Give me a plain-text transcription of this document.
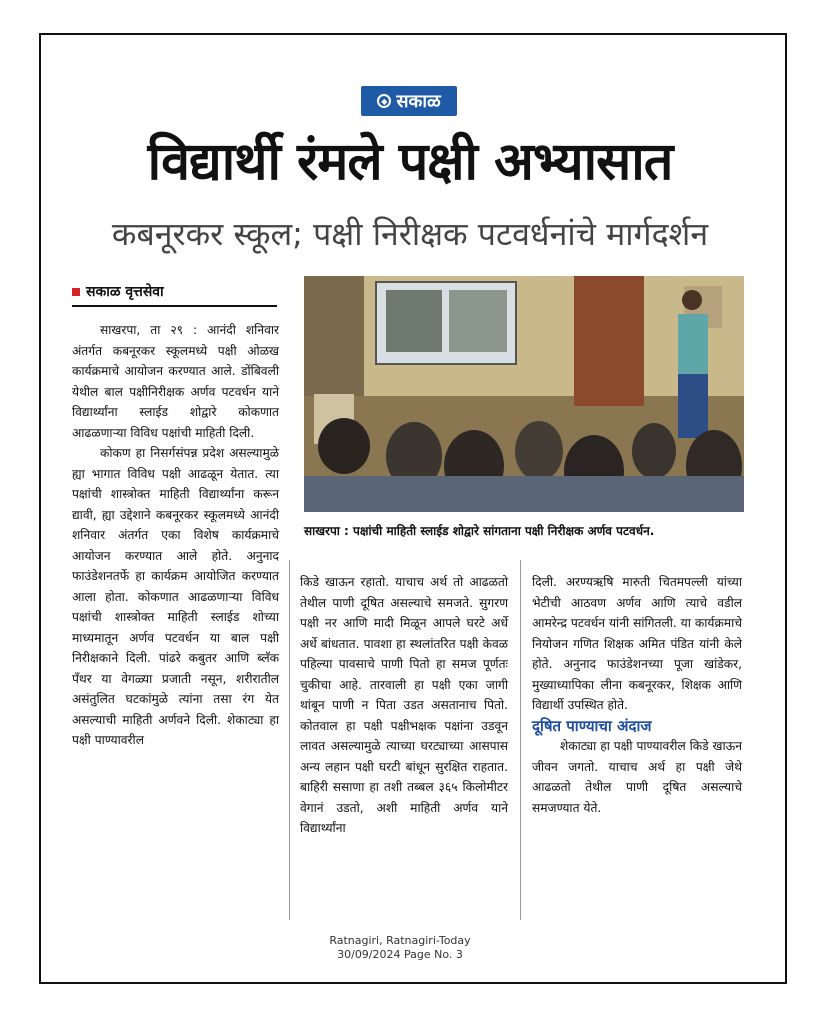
◆ सकाळ
विद्यार्थी रंमले पक्षी अभ्यासात
कबनूरकर स्कूल; पक्षी निरीक्षक पटवर्धनांचे मार्गदर्शन
सकाळ वृत्तसेवा
साखरपा : पक्षांची माहिती स्लाईड शोद्वारे सांगताना पक्षी निरीक्षक अर्णव पटवर्धन.

साखरपा, ता २९ : आनंदी शनिवार अंतर्गत कबनूरकर स्कूलमध्ये पक्षी ओळख कार्यक्रमाचे आयोजन करण्यात आले. डोंबिवली येथील बाल पक्षीनिरीक्षक अर्णव पटवर्धन याने विद्यार्थ्यांना स्लाईड शोद्वारे कोकणात आढळणाऱ्या विविध पक्षांची माहिती दिली.

कोकण हा निसर्गसंपन्न प्रदेश असल्यामुळे ह्या भागात विविध पक्षी आढळून येतात. त्या पक्षांची शास्त्रोक्त माहिती विद्यार्थ्यांना करून द्यावी, ह्या उद्देशाने कबनूरकर स्कूलमध्ये आनंदी शनिवार अंतर्गत एका विशेष कार्यक्रमाचे आयोजन करण्यात आले होते. अनुनाद फाउंडेशनतर्फे हा कार्यक्रम आयोजित करण्यात आला होता. कोकणात आढळणाऱ्या विविध पक्षांची शास्त्रोक्त माहिती स्लाईड शोच्या माध्यमातून अर्णव पटवर्धन या बाल पक्षी निरीक्षकाने दिली. पांढरे कबुतर आणि ब्लॅक पँथर या वेगळ्या प्रजाती नसून, शरीरातील असंतुलित घटकांमुळे त्यांना तसा रंग येत असल्याची माहिती अर्णवने दिली. शेकाट्या हा पक्षी पाण्यावरील

किडे खाऊन रहातो. याचाच अर्थ तो आढळतो तेथील पाणी दूषित असल्याचे समजते. सुगरण पक्षी नर आणि मादी मिळून आपले घरटे अर्धे अर्धे बांधतात. पावशा हा स्थलांतरित पक्षी केवळ पहिल्या पावसाचे पाणी पितो हा समज पूर्णतः चुकीचा आहे. तारवाली हा पक्षी एका जागी थांबून पाणी न पिता उडत असतानाच पितो. कोतवाल हा पक्षी पक्षीभक्षक पक्षांना उडवून लावत असल्यामुळे त्याच्या घरट्याच्या आसपास अन्य लहान पक्षी घरटी बांधून सुरक्षित राहतात. बाहिरी ससाणा हा तशी तब्बल ३६५ किलोमीटर वेगानं उडतो, अशी माहिती अर्णव याने विद्यार्थ्यांना

दिली. अरण्यऋषि मारुती चितमपल्ली यांच्या भेटीची आठवण अर्णव आणि त्याचे वडील आमरेन्द्र पटवर्धन यांनी सांगितली. या कार्यक्रमाचे नियोजन गणित शिक्षक अमित पंडित यांनी केले होते. अनुनाद फाउंडेशनच्या पूजा खांडेकर, मुख्याध्यापिका लीना कबनूरकर, शिक्षक आणि विद्यार्थी उपस्थित होते.

दूषित पाण्याचा अंदाज

शेकाट्या हा पक्षी पाण्यावरील किडे खाऊन जीवन जगतो. याचाच अर्थ हा पक्षी जेथे आढळतो तेथील पाणी दूषित असल्याचे समजण्यात येते.

Ratnagiri, Ratnagiri-Today
30/09/2024 Page No. 3
